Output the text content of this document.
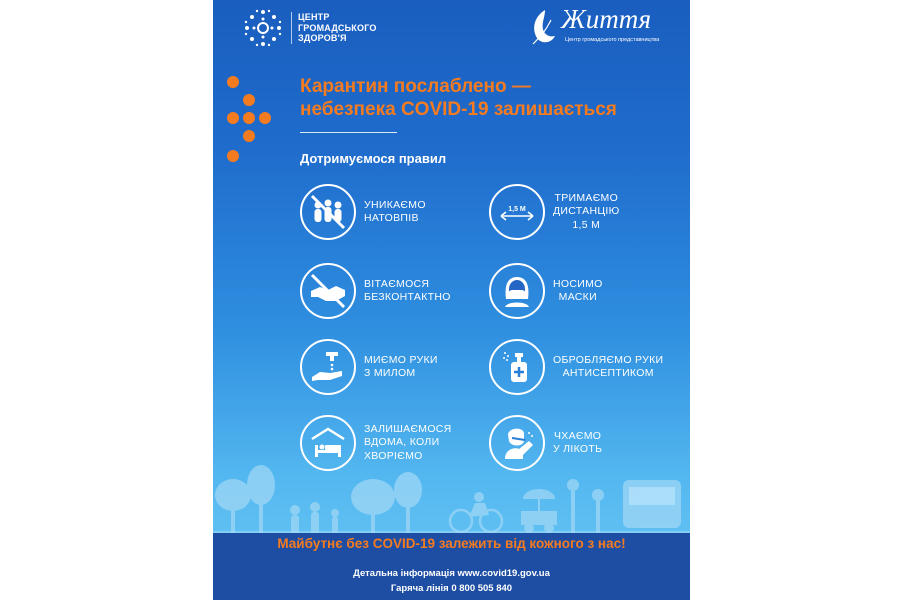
ЦЕНТР
ГРОМАДСЬКОГО
ЗДОРОВ'Я
Життя
Центр громадського представництва
Карантин послаблено —
небезпека COVID-19 залишається
Дотримуємося правил
УНИКАЄМО
НАТОВПІВ
1,5 М
ТРИМАЄМО
ДИСТАНЦІЮ
1,5 М
ВІТАЄМОСЯ
БЕЗКОНТАКТНО
НОСИМО
МАСКИ
МИЄМО РУКИ
З МИЛОМ
ОБРОБЛЯЄМО РУКИ
АНТИСЕПТИКОМ
ЗАЛИШАЄМОСЯ
ВДОМА, КОЛИ
ХВОРІЄМО
ЧХАЄМО
У ЛІКОТЬ
Майбутнє без COVID-19 залежить від кожного з нас!
Детальна інформація www.covid19.gov.ua
Гаряча лінія 0 800 505 840
